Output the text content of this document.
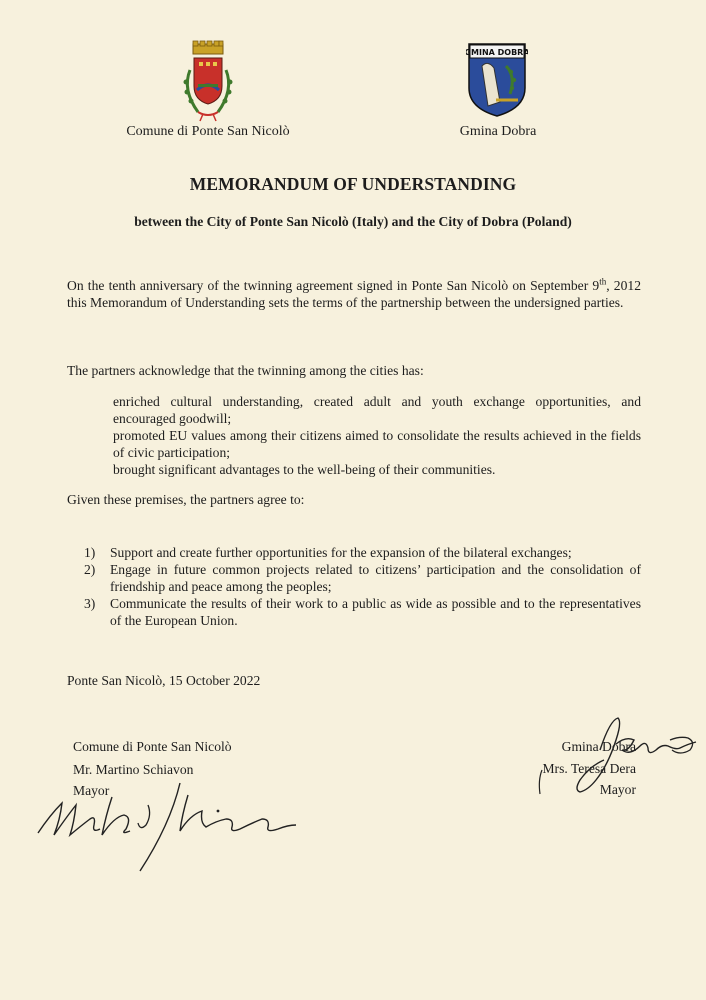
GMINA DOBRA
Comune di Ponte San Nicolò	Gmina Dobra
MEMORANDUM OF UNDERSTANDING
between the City of Ponte San Nicolò (Italy) and the City of Dobra (Poland)
On the tenth anniversary of the twinning agreement signed in Ponte San Nicolò on September 9th, 2012 this Memorandum of Understanding sets the terms of the partnership between the undersigned parties.
The partners acknowledge that the twinning among the cities has:
enriched cultural understanding, created adult and youth exchange opportunities, and encouraged goodwill;
promoted EU values among their citizens aimed to consolidate the results achieved in the fields of civic participation;
brought significant advantages to the well-being of their communities.
Given these premises, the partners agree to:
1)	Support and create further opportunities for the expansion of the bilateral exchanges;
2)	Engage in future common projects related to citizens’ participation and the consolidation of friendship and peace among the peoples;
3)	Communicate the results of their work to a public as wide as possible and to the representatives of the European Union.
Ponte San Nicolò, 15 October 2022
Comune di Ponte San Nicolò
Mr. Martino Schiavon
Mayor
Gmina Dobra
Mrs. Teresa Dera
Mayor
